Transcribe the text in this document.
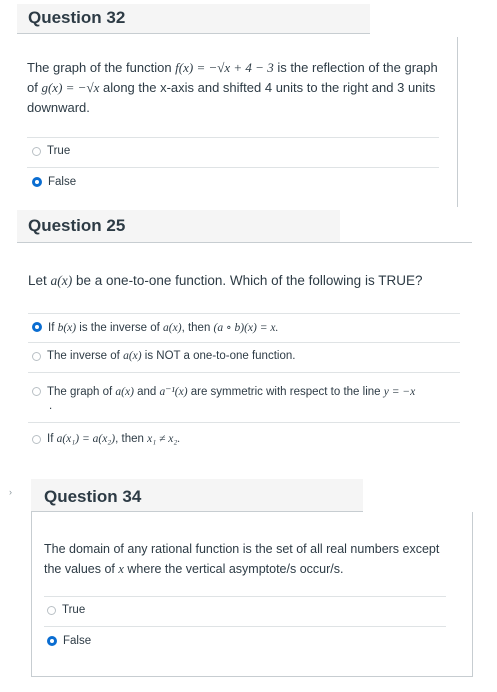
Question 32
The graph of the function f(x) = −√x + 4 − 3 is the reflection of the graph of g(x) = −√x along the x-axis and shifted 4 units to the right and 3 units downward.
True
False
Question 25
Let a(x) be a one-to-one function. Which of the following is TRUE?
If b(x) is the inverse of a(x), then (a ∘ b)(x) = x.
The inverse of a(x) is NOT a one-to-one function.
The graph of a(x) and a⁻¹(x) are symmetric with respect to the line y = −x
.
If a(x₁) = a(x₂), then x₁ ≠ x₂.
› Question 34
The domain of any rational function is the set of all real numbers except the values of x where the vertical asymptote/s occur/s.
True
False
